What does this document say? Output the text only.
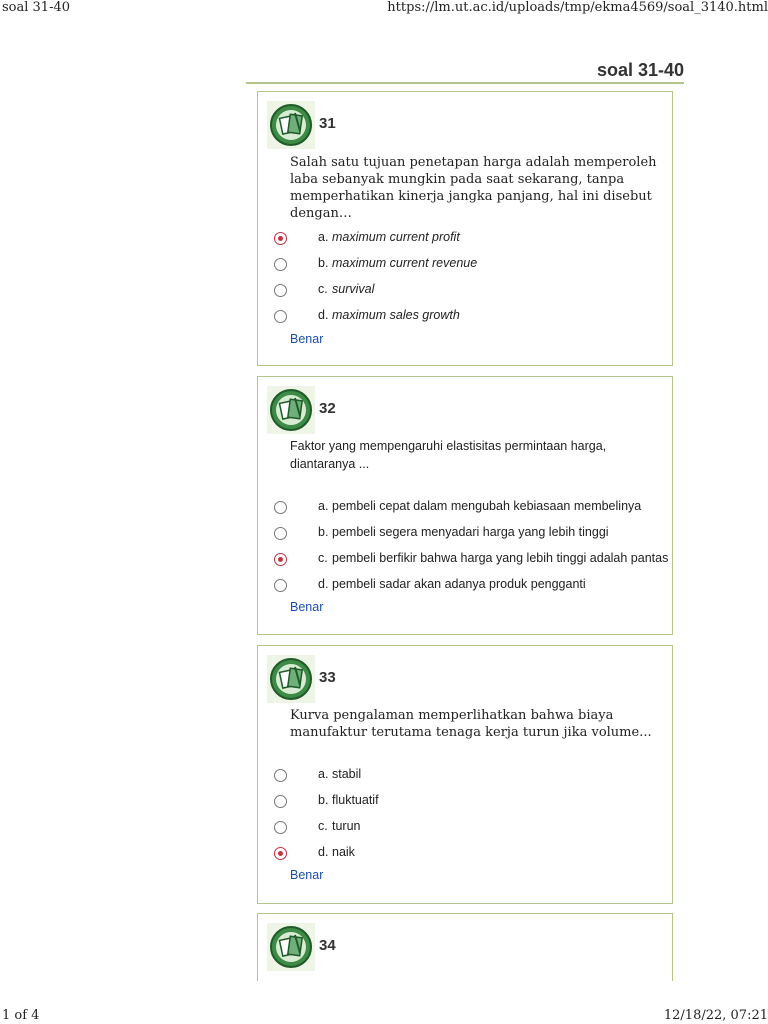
soal 31-40	https://lm.ut.ac.id/uploads/tmp/ekma4569/soal_3140.html
soal 31-40
31
Salah satu tujuan penetapan harga adalah memperoleh laba sebanyak mungkin pada saat sekarang, tanpa memperhatikan kinerja jangka panjang, hal ini disebut dengan…
a. maximum current profit
b. maximum current revenue
c. survival
d. maximum sales growth
Benar
32
Faktor yang mempengaruhi elastisitas permintaan harga, diantaranya ...
a. pembeli cepat dalam mengubah kebiasaan membelinya
b. pembeli segera menyadari harga yang lebih tinggi
c. pembeli berfikir bahwa harga yang lebih tinggi adalah pantas
d. pembeli sadar akan adanya produk pengganti
Benar
33
Kurva pengalaman memperlihatkan bahwa biaya manufaktur terutama tenaga kerja turun jika volume...
a. stabil
b. fluktuatif
c. turun
d. naik
Benar
34
1 of 4	12/18/22, 07:21
